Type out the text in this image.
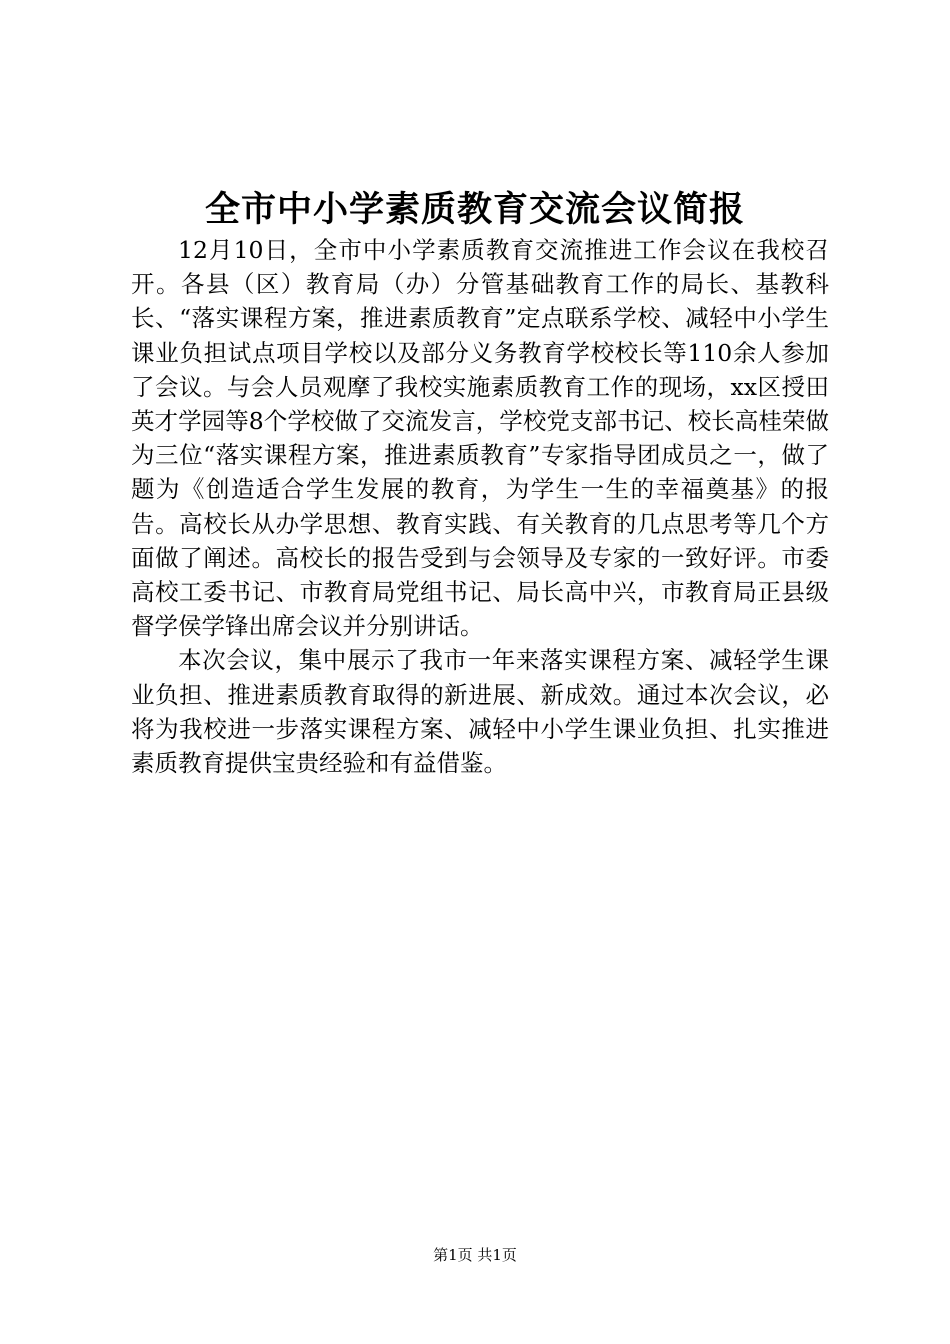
全市中小学素质教育交流会议简报

12月10日，全市中小学素质教育交流推进工作会议在我校召开。各县（区）教育局（办）分管基础教育工作的局长、基教科长、“落实课程方案，推进素质教育”定点联系学校、减轻中小学生课业负担试点项目学校以及部分义务教育学校校长等110余人参加了会议。与会人员观摩了我校实施素质教育工作的现场，xx区授田英才学园等8个学校做了交流发言，学校党支部书记、校长高桂荣做为三位“落实课程方案，推进素质教育”专家指导团成员之一，做了题为《创造适合学生发展的教育，为学生一生的幸福奠基》的报告。高校长从办学思想、教育实践、有关教育的几点思考等几个方面做了阐述。高校长的报告受到与会领导及专家的一致好评。市委高校工委书记、市教育局党组书记、局长高中兴，市教育局正县级督学侯学锋出席会议并分别讲话。

本次会议，集中展示了我市一年来落实课程方案、减轻学生课业负担、推进素质教育取得的新进展、新成效。通过本次会议，必将为我校进一步落实课程方案、减轻中小学生课业负担、扎实推进素质教育提供宝贵经验和有益借鉴。

第1页 共1页
